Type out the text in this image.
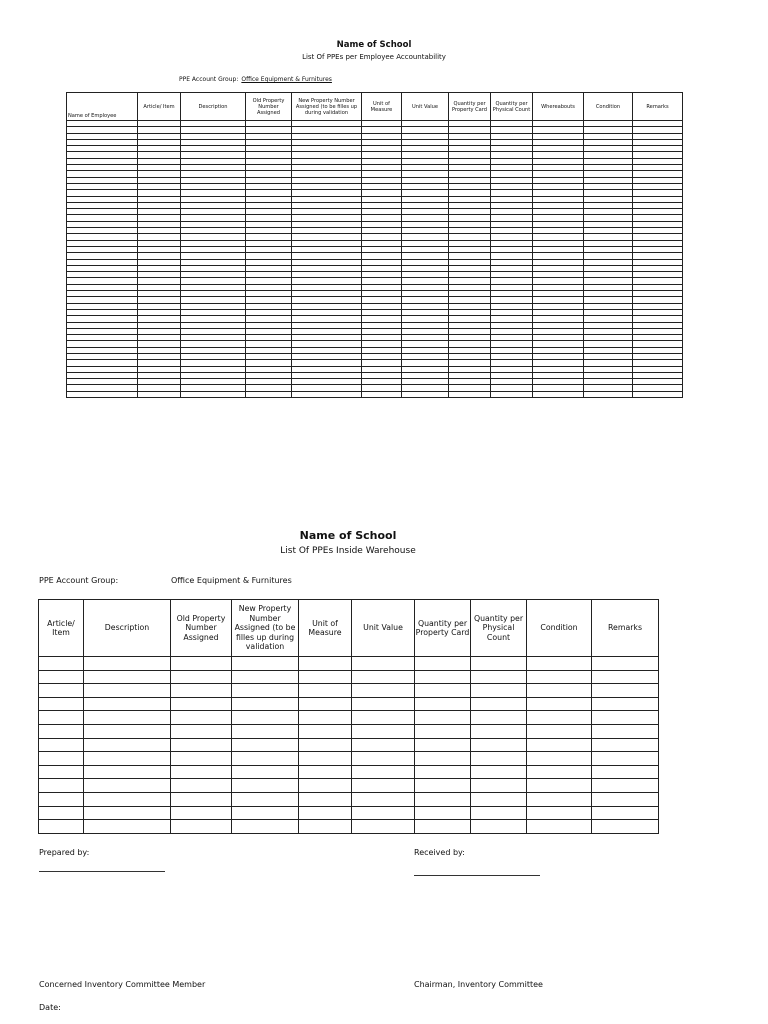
Name of School
List Of PPEs per Employee Accountability
PPE Account Group: Office Equipment & Furnitures
Name of Employee	Article/ Item	Description	Old Property Number Assigned	New Property Number Assigned (to be filles up during validation	Unit of Measure	Unit Value	Quantity per Property Card	Quantity per Physical Count	Whereabouts	Condition	Remarks

Name of School
List Of PPEs Inside Warehouse
PPE Account Group:	Office Equipment & Furnitures
Article/ Item	Description	Old Property Number Assigned	New Property Number Assigned (to be filles up during validation	Unit of Measure	Unit Value	Quantity per Property Card	Quantity per Physical Count	Condition	Remarks

Prepared by:	Received by:
Concerned Inventory Committee Member	Chairman, Inventory Committee
Date:
